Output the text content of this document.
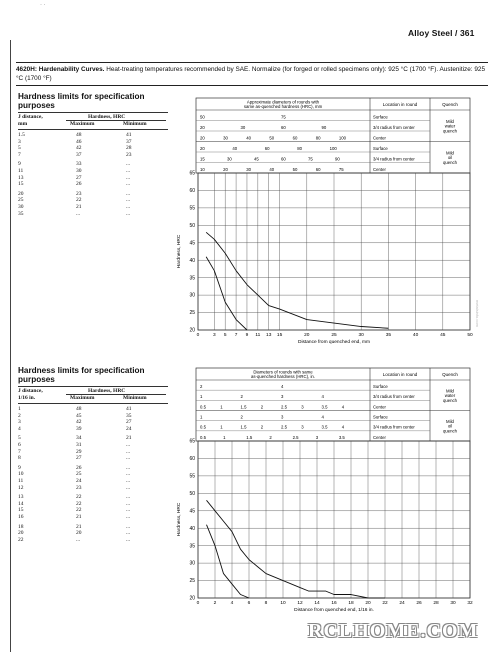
· ·
Alloy Steel / 361
4620H: Hardenability Curves. Heat-treating temperatures recommended by SAE. Normalize (for forged or rolled specimens only): 925 °C (1700 °F). Austenitize: 925 °C (1700 °F)
Hardness limits for specification purposes
J distance,
mm
Hardness, HRC
Maximum	Minimum
1.5	48	41
3	46	37
5	42	28
7	37	23
9	33	...
11	30	...
13	27	...
15	26	...
20	23	...
25	22	...
30	21	...
35	...	...
Hardness limits for specification purposes
J distance,
1/16 in.
Hardness, HRC
Maximum	Minimum
1	48	41
2	45	35
3	42	27
4	39	24
5	34	21
6	31	...
7	29	...
8	27	...
9	26	...
10	25	...
11	24	...
12	23	...
13	22	...
14	22	...
15	22	...
16	21	...
18	21	...
20	20	...
22	...	...
Approximate diameters of rounds with same as-quenched hardness (HRC), mm	Location in round	Quench
50	75	Surface
20	30	60	90	3/4 radius from center
20	30	40	50	60	80	100	Center
Mild
water
quench
20	40	60	80	100	Surface
15	30	45	60	75	90	3/4 radius from center
10	20	30	40	50	60	75	Center
Mild
oil
quench
20
25
30
35
40
45
50
55
60
65
0	3 5 7 9 11 13 15	20	25	30	35	40	45	50
Distance from quenched end, mm
Hardness, HRC
Diameters of rounds with same as-quenched hardness (HRC), in.	Location in round	Quench
2	4	Surface
1	2	3	4	3/4 radius from center
0.5	1	1.5	2	2.5	3	3.5	4	Center
Mild
water
quench
1	2	3	4	Surface
0.5	1	1.5	2	2.5	3	3.5	4	3/4 radius from center
0.5	1	1.5	2	2.5	3	3.5	Center
Mild
oil
quench
20
25
30
35
40
45
50
55
60
65
0	2	4	6	8	10 12 14 16 18 20 22 24 26 28 30 32
Distance from quenched end, 1/16 in.
Hardness, HRC
RCLHOME.COM
metalsinfo.com
